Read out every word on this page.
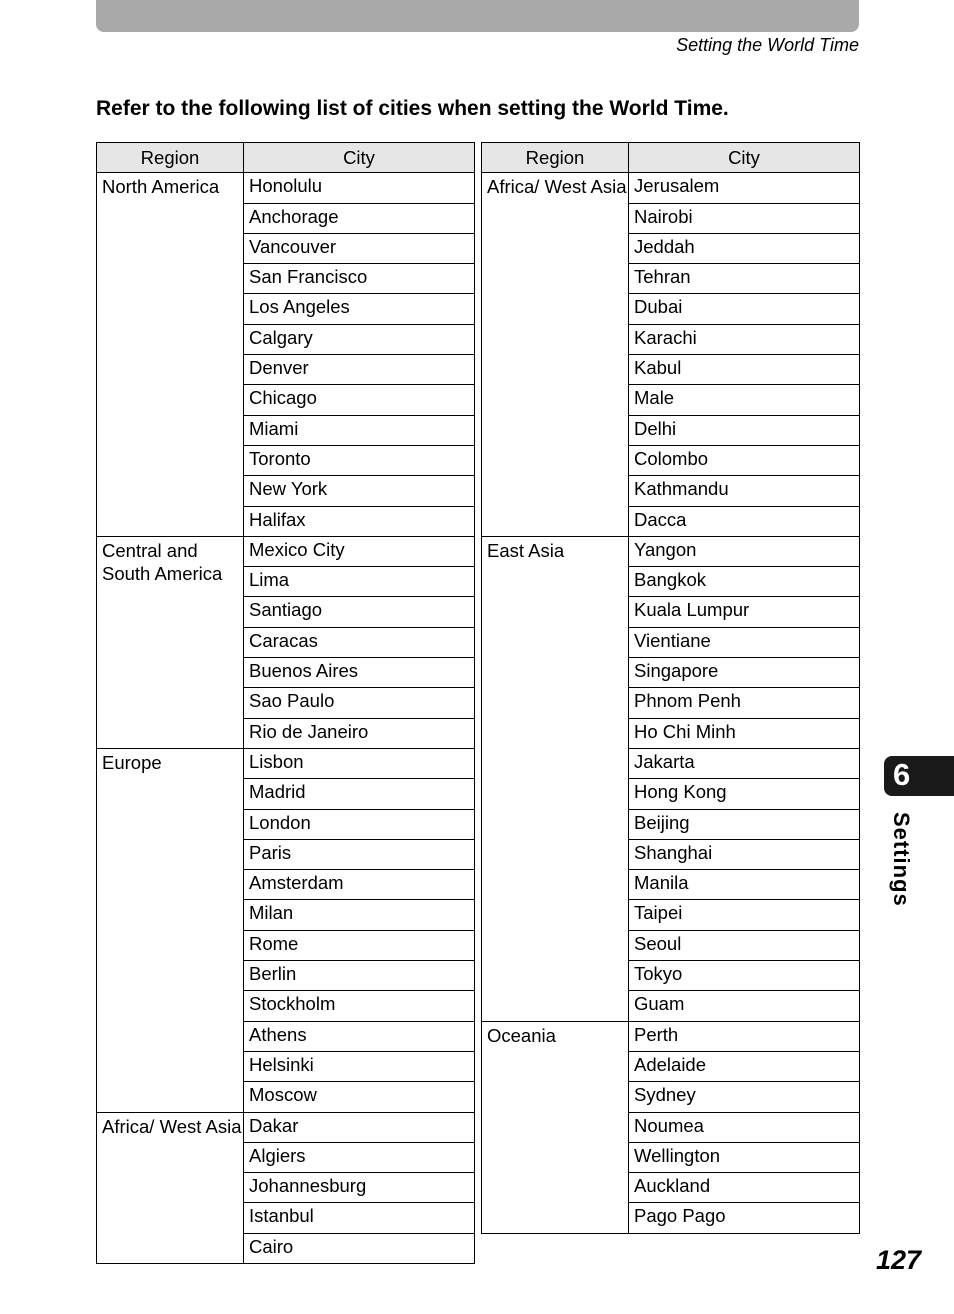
Setting the World Time
Refer to the following list of cities when setting the World Time.
Region	City
North America	Honolulu
	Anchorage
	Vancouver
	San Francisco
	Los Angeles
	Calgary
	Denver
	Chicago
	Miami
	Toronto
	New York
	Halifax
Central and South America	Mexico City
	Lima
	Santiago
	Caracas
	Buenos Aires
	Sao Paulo
	Rio de Janeiro
Europe	Lisbon
	Madrid
	London
	Paris
	Amsterdam
	Milan
	Rome
	Berlin
	Stockholm
	Athens
	Helsinki
	Moscow
Africa/ West Asia	Dakar
	Algiers
	Johannesburg
	Istanbul
	Cairo
Region	City
Africa/ West Asia	Jerusalem
	Nairobi
	Jeddah
	Tehran
	Dubai
	Karachi
	Kabul
	Male
	Delhi
	Colombo
	Kathmandu
	Dacca
East Asia	Yangon
	Bangkok
	Kuala Lumpur
	Vientiane
	Singapore
	Phnom Penh
	Ho Chi Minh
	Jakarta
	Hong Kong
	Beijing
	Shanghai
	Manila
	Taipei
	Seoul
	Tokyo
	Guam
Oceania	Perth
	Adelaide
	Sydney
	Noumea
	Wellington
	Auckland
	Pago Pago
6
Settings
127
